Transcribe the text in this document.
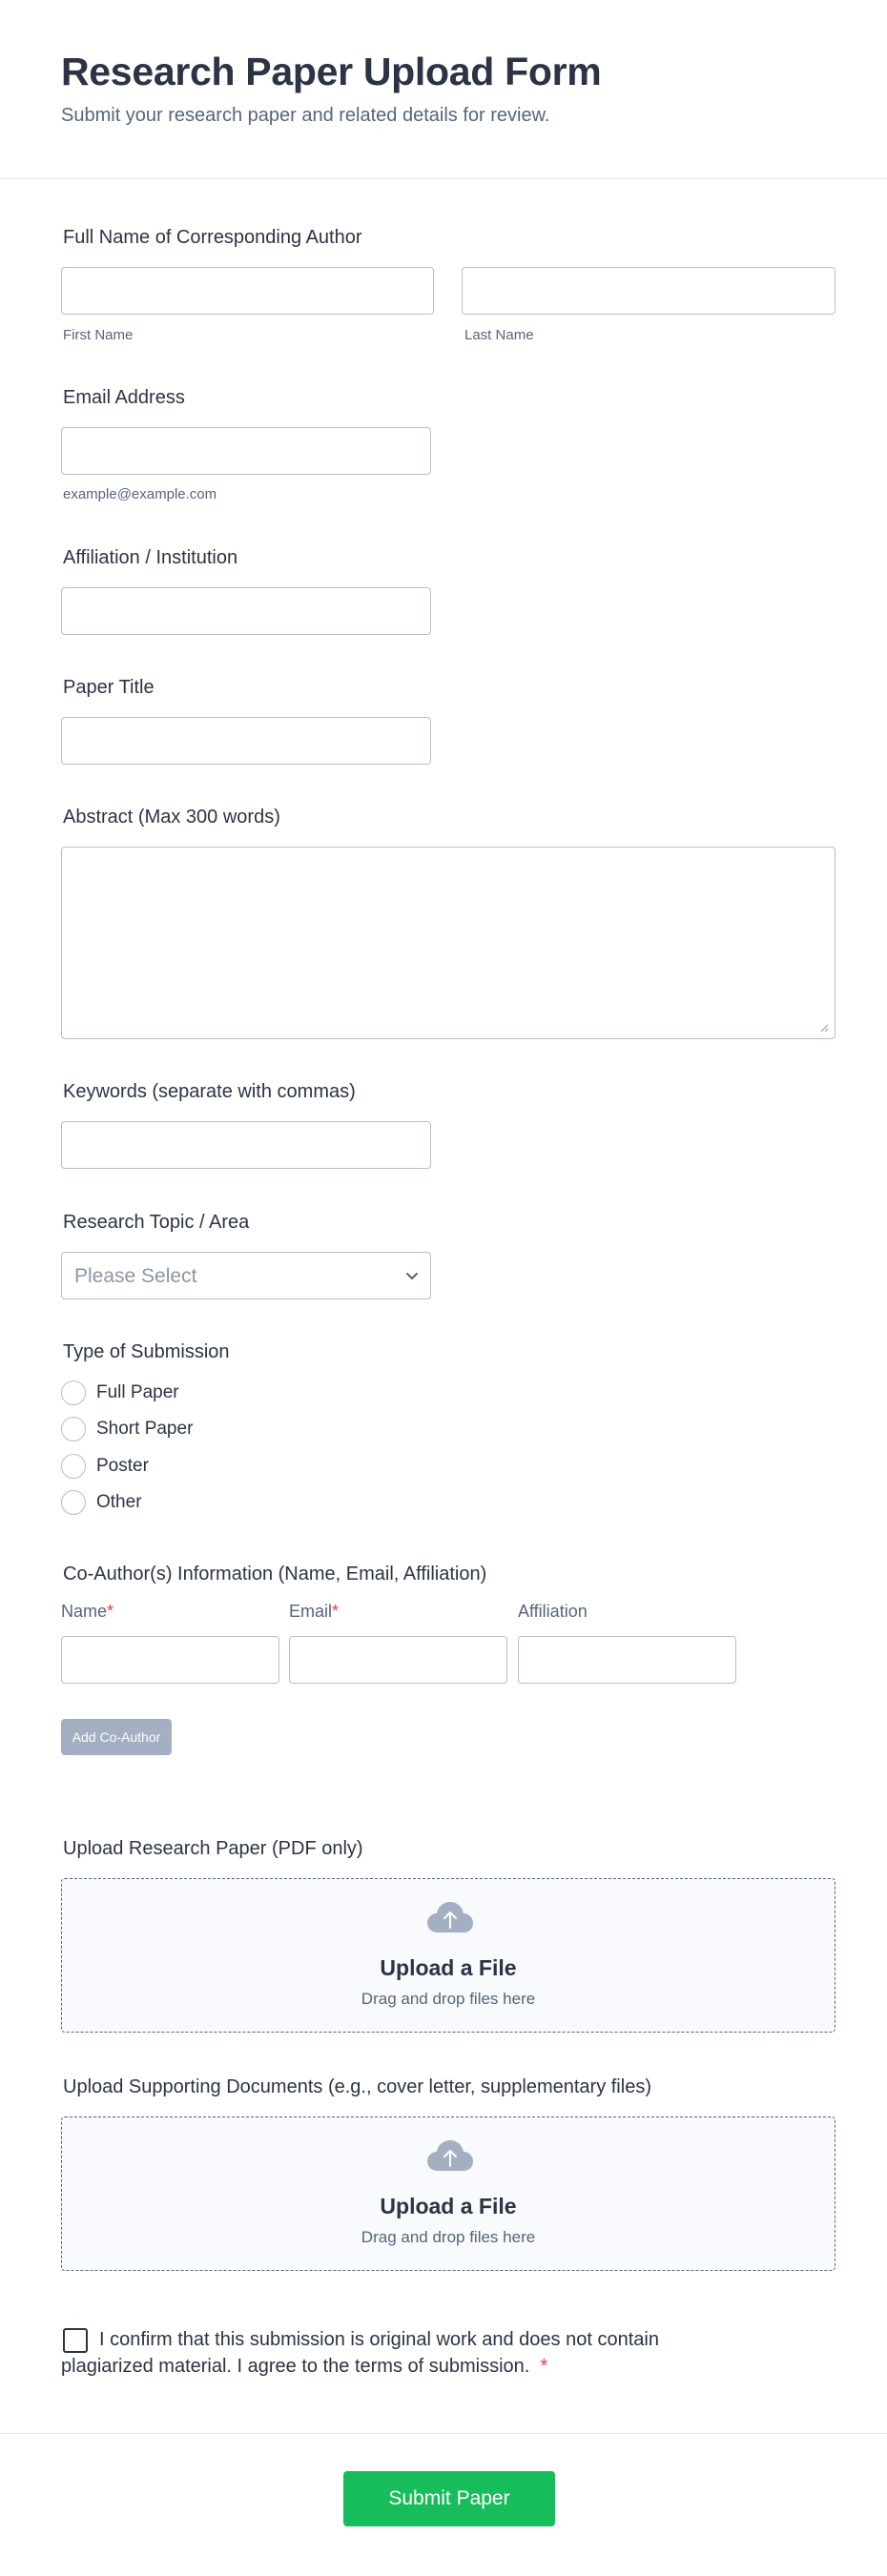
Research Paper Upload Form
Submit your research paper and related details for review.
Full Name of Corresponding Author
First Name	Last Name
Email Address
example@example.com
Affiliation / Institution
Paper Title
Abstract (Max 300 words)
Keywords (separate with commas)
Research Topic / Area
Please Select
Type of Submission
Full Paper
Short Paper
Poster
Other
Co-Author(s) Information (Name, Email, Affiliation)
Name*	Email*	Affiliation
Add Co-Author
Upload Research Paper (PDF only)
Upload a File
Drag and drop files here
Upload Supporting Documents (e.g., cover letter, supplementary files)
Upload a File
Drag and drop files here
I confirm that this submission is original work and does not contain
plagiarized material. I agree to the terms of submission. *
Submit Paper
